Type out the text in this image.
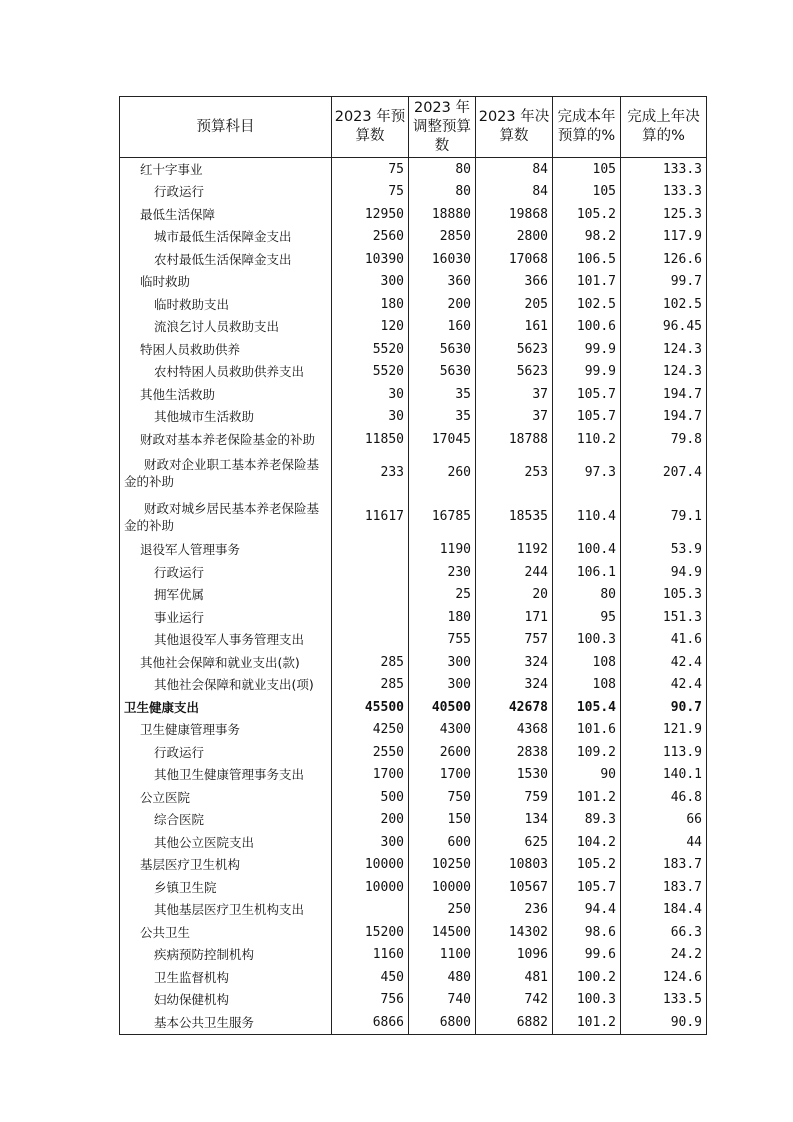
预算科目	2023 年预算数	2023 年调整预算数	2023 年决算数	完成本年预算的%	完成上年决算的%
红十字事业	75	80	84	105	133.3
行政运行	75	80	84	105	133.3
最低生活保障	12950	18880	19868	105.2	125.3
城市最低生活保障金支出	2560	2850	2800	98.2	117.9
农村最低生活保障金支出	10390	16030	17068	106.5	126.6
临时救助	300	360	366	101.7	99.7
临时救助支出	180	200	205	102.5	102.5
流浪乞讨人员救助支出	120	160	161	100.6	96.45
特困人员救助供养	5520	5630	5623	99.9	124.3
农村特困人员救助供养支出	5520	5630	5623	99.9	124.3
其他生活救助	30	35	37	105.7	194.7
其他城市生活救助	30	35	37	105.7	194.7
财政对基本养老保险基金的补助	11850	17045	18788	110.2	79.8
财政对企业职工基本养老保险基金的补助	233	260	253	97.3	207.4
财政对城乡居民基本养老保险基金的补助	11617	16785	18535	110.4	79.1
退役军人管理事务		1190	1192	100.4	53.9
行政运行		230	244	106.1	94.9
拥军优属		25	20	80	105.3
事业运行		180	171	95	151.3
其他退役军人事务管理支出		755	757	100.3	41.6
其他社会保障和就业支出(款)	285	300	324	108	42.4
其他社会保障和就业支出(项)	285	300	324	108	42.4
卫生健康支出	45500	40500	42678	105.4	90.7
卫生健康管理事务	4250	4300	4368	101.6	121.9
行政运行	2550	2600	2838	109.2	113.9
其他卫生健康管理事务支出	1700	1700	1530	90	140.1
公立医院	500	750	759	101.2	46.8
综合医院	200	150	134	89.3	66
其他公立医院支出	300	600	625	104.2	44
基层医疗卫生机构	10000	10250	10803	105.2	183.7
乡镇卫生院	10000	10000	10567	105.7	183.7
其他基层医疗卫生机构支出		250	236	94.4	184.4
公共卫生	15200	14500	14302	98.6	66.3
疾病预防控制机构	1160	1100	1096	99.6	24.2
卫生监督机构	450	480	481	100.2	124.6
妇幼保健机构	756	740	742	100.3	133.5
基本公共卫生服务	6866	6800	6882	101.2	90.9
